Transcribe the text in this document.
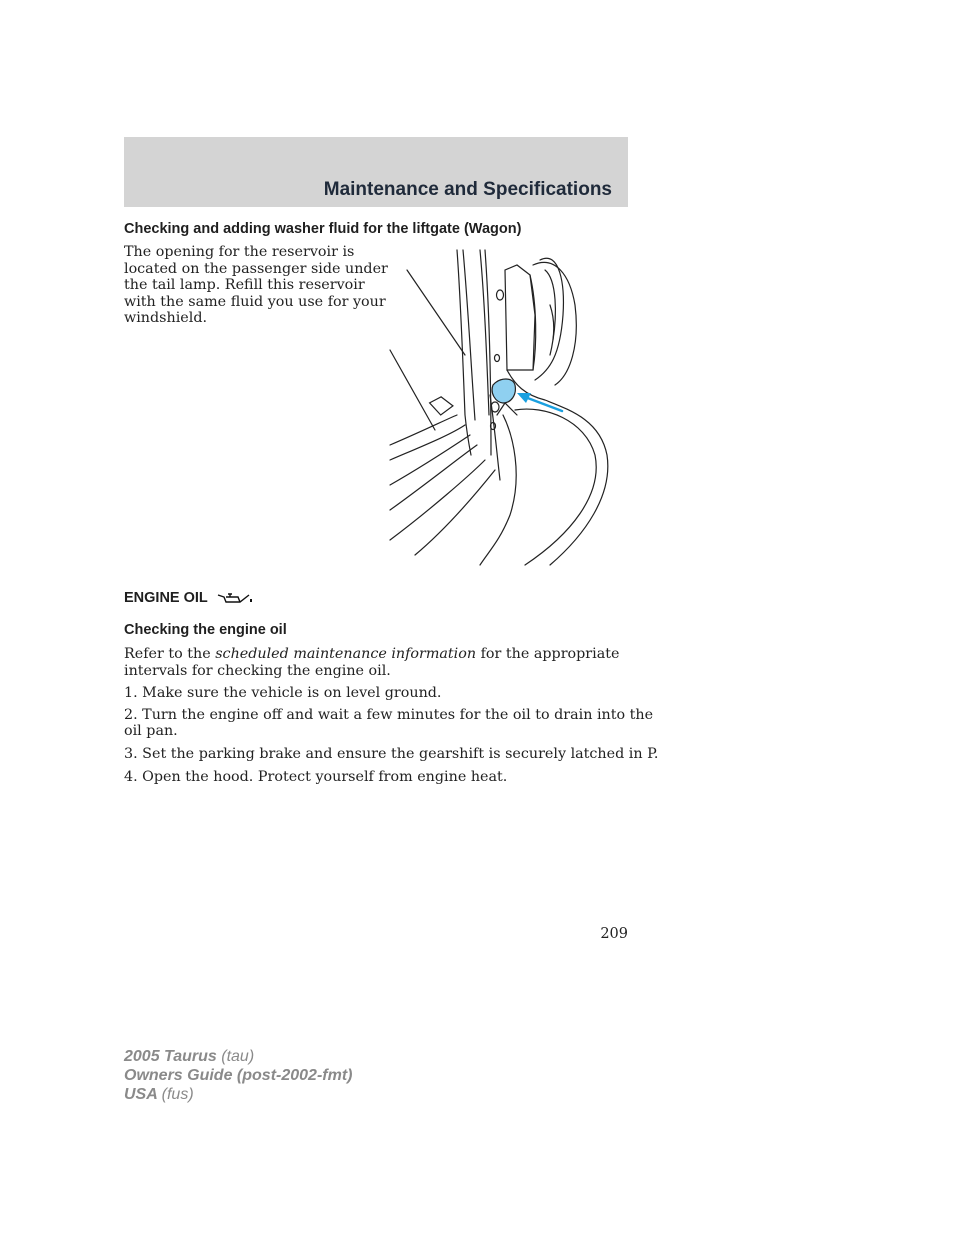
Maintenance and Specifications
Checking and adding washer fluid for the liftgate (Wagon)
The opening for the reservoir is
located on the passenger side under
the tail lamp. Refill this reservoir
with the same fluid you use for your
windshield.
ENGINE OIL
Checking the engine oil
Refer to the scheduled maintenance information for the appropriate
intervals for checking the engine oil.
1. Make sure the vehicle is on level ground.
2. Turn the engine off and wait a few minutes for the oil to drain into the
oil pan.
3. Set the parking brake and ensure the gearshift is securely latched in P.
4. Open the hood. Protect yourself from engine heat.
209
2005 Taurus (tau)
Owners Guide (post-2002-fmt)
USA (fus)
